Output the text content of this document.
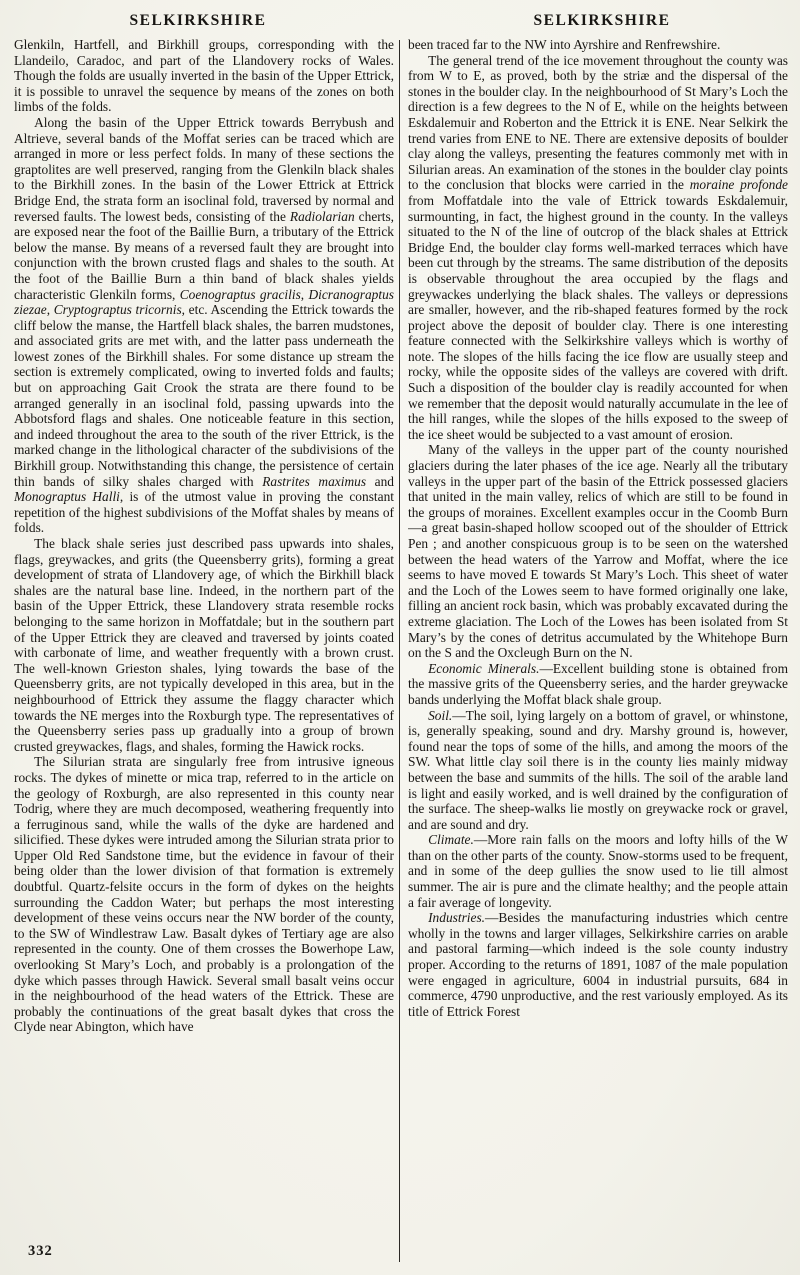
SELKIRKSHIRE	SELKIRKSHIRE

Glenkiln, Hartfell, and Birkhill groups, corresponding with the Llandeilo, Caradoc, and part of the Llandovery rocks of Wales. Though the folds are usually inverted in the basin of the Upper Ettrick, it is possible to unravel the sequence by means of the zones on both limbs of the folds.

Along the basin of the Upper Ettrick towards Berrybush and Altrieve, several bands of the Moffat series can be traced which are arranged in more or less perfect folds. In many of these sections the graptolites are well preserved, ranging from the Glenkiln black shales to the Birkhill zones. In the basin of the Lower Ettrick at Ettrick Bridge End, the strata form an isoclinal fold, traversed by normal and reversed faults. The lowest beds, consisting of the Radiolarian cherts, are exposed near the foot of the Baillie Burn, a tributary of the Ettrick below the manse. By means of a reversed fault they are brought into conjunction with the brown crusted flags and shales to the south. At the foot of the Baillie Burn a thin band of black shales yields characteristic Glenkiln forms, Coenograptus gracilis, Dicranograptus ziezae, Cryptograptus tricornis, etc. Ascending the Ettrick towards the cliff below the manse, the Hartfell black shales, the barren mudstones, and associated grits are met with, and the latter pass underneath the lowest zones of the Birkhill shales. For some distance up stream the section is extremely complicated, owing to inverted folds and faults; but on approaching Gait Crook the strata are there found to be arranged generally in an isoclinal fold, passing upwards into the Abbotsford flags and shales. One noticeable feature in this section, and indeed throughout the area to the south of the river Ettrick, is the marked change in the lithological character of the subdivisions of the Birkhill group. Notwithstanding this change, the persistence of certain thin bands of silky shales charged with Rastrites maximus and Monograptus Halli, is of the utmost value in proving the constant repetition of the highest subdivisions of the Moffat shales by means of folds.

The black shale series just described pass upwards into shales, flags, greywackes, and grits (the Queensberry grits), forming a great development of strata of Llandovery age, of which the Birkhill black shales are the natural base line. Indeed, in the northern part of the basin of the Upper Ettrick, these Llandovery strata resemble rocks belonging to the same horizon in Moffatdale; but in the southern part of the Upper Ettrick they are cleaved and traversed by joints coated with carbonate of lime, and weather frequently with a brown crust. The well-known Grieston shales, lying towards the base of the Queensberry grits, are not typically developed in this area, but in the neighbourhood of Ettrick they assume the flaggy character which towards the NE merges into the Roxburgh type. The representatives of the Queensberry series pass up gradually into a group of brown crusted greywackes, flags, and shales, forming the Hawick rocks.

The Silurian strata are singularly free from intrusive igneous rocks. The dykes of minette or mica trap, referred to in the article on the geology of Roxburgh, are also represented in this county near Todrig, where they are much decomposed, weathering frequently into a ferruginous sand, while the walls of the dyke are hardened and silicified. These dykes were intruded among the Silurian strata prior to Upper Old Red Sandstone time, but the evidence in favour of their being older than the lower division of that formation is extremely doubtful. Quartz-felsite occurs in the form of dykes on the heights surrounding the Caddon Water; but perhaps the most interesting development of these veins occurs near the NW border of the county, to the SW of Windlestraw Law. Basalt dykes of Tertiary age are also represented in the county. One of them crosses the Bowerhope Law, overlooking St Mary’s Loch, and probably is a prolongation of the dyke which passes through Hawick. Several small basalt veins occur in the neighbourhood of the head waters of the Ettrick. These are probably the continuations of the great basalt dykes that cross the Clyde near Abington, which have

been traced far to the NW into Ayrshire and Renfrewshire.

The general trend of the ice movement throughout the county was from W to E, as proved, both by the striæ and the dispersal of the stones in the boulder clay. In the neighbourhood of St Mary’s Loch the direction is a few degrees to the N of E, while on the heights between Eskdalemuir and Roberton and the Ettrick it is ENE. Near Selkirk the trend varies from ENE to NE. There are extensive deposits of boulder clay along the valleys, presenting the features commonly met with in Silurian areas. An examination of the stones in the boulder clay points to the conclusion that blocks were carried in the moraine profonde from Moffatdale into the vale of Ettrick towards Eskdalemuir, surmounting, in fact, the highest ground in the county. In the valleys situated to the N of the line of outcrop of the black shales at Ettrick Bridge End, the boulder clay forms well-marked terraces which have been cut through by the streams. The same distribution of the deposits is observable throughout the area occupied by the flags and greywackes underlying the black shales. The valleys or depressions are smaller, however, and the rib-shaped features formed by the rock project above the deposit of boulder clay. There is one interesting feature connected with the Selkirkshire valleys which is worthy of note. The slopes of the hills facing the ice flow are usually steep and rocky, while the opposite sides of the valleys are covered with drift. Such a disposition of the boulder clay is readily accounted for when we remember that the deposit would naturally accumulate in the lee of the hill ranges, while the slopes of the hills exposed to the sweep of the ice sheet would be subjected to a vast amount of erosion.

Many of the valleys in the upper part of the county nourished glaciers during the later phases of the ice age. Nearly all the tributary valleys in the upper part of the basin of the Ettrick possessed glaciers that united in the main valley, relics of which are still to be found in the groups of moraines. Excellent examples occur in the Coomb Burn—a great basin-shaped hollow scooped out of the shoulder of Ettrick Pen ; and another conspicuous group is to be seen on the watershed between the head waters of the Yarrow and Moffat, where the ice seems to have moved E towards St Mary’s Loch. This sheet of water and the Loch of the Lowes seem to have formed originally one lake, filling an ancient rock basin, which was probably excavated during the extreme glaciation. The Loch of the Lowes has been isolated from St Mary’s by the cones of detritus accumulated by the Whitehope Burn on the S and the Oxcleugh Burn on the N.

Economic Minerals.—Excellent building stone is obtained from the massive grits of the Queensberry series, and the harder greywacke bands underlying the Moffat black shale group.

Soil.—The soil, lying largely on a bottom of gravel, or whinstone, is, generally speaking, sound and dry. Marshy ground is, however, found near the tops of some of the hills, and among the moors of the SW. What little clay soil there is in the county lies mainly midway between the base and summits of the hills. The soil of the arable land is light and easily worked, and is well drained by the configuration of the surface. The sheep-walks lie mostly on greywacke rock or gravel, and are sound and dry.

Climate.—More rain falls on the moors and lofty hills of the W than on the other parts of the county. Snow-storms used to be frequent, and in some of the deep gullies the snow used to lie till almost summer. The air is pure and the climate healthy; and the people attain a fair average of longevity.

Industries.—Besides the manufacturing industries which centre wholly in the towns and larger villages, Selkirkshire carries on arable and pastoral farming—which indeed is the sole county industry proper. According to the returns of 1891, 1087 of the male population were engaged in agriculture, 6004 in industrial pursuits, 684 in commerce, 4790 unproductive, and the rest variously employed. As its title of Ettrick Forest

332
